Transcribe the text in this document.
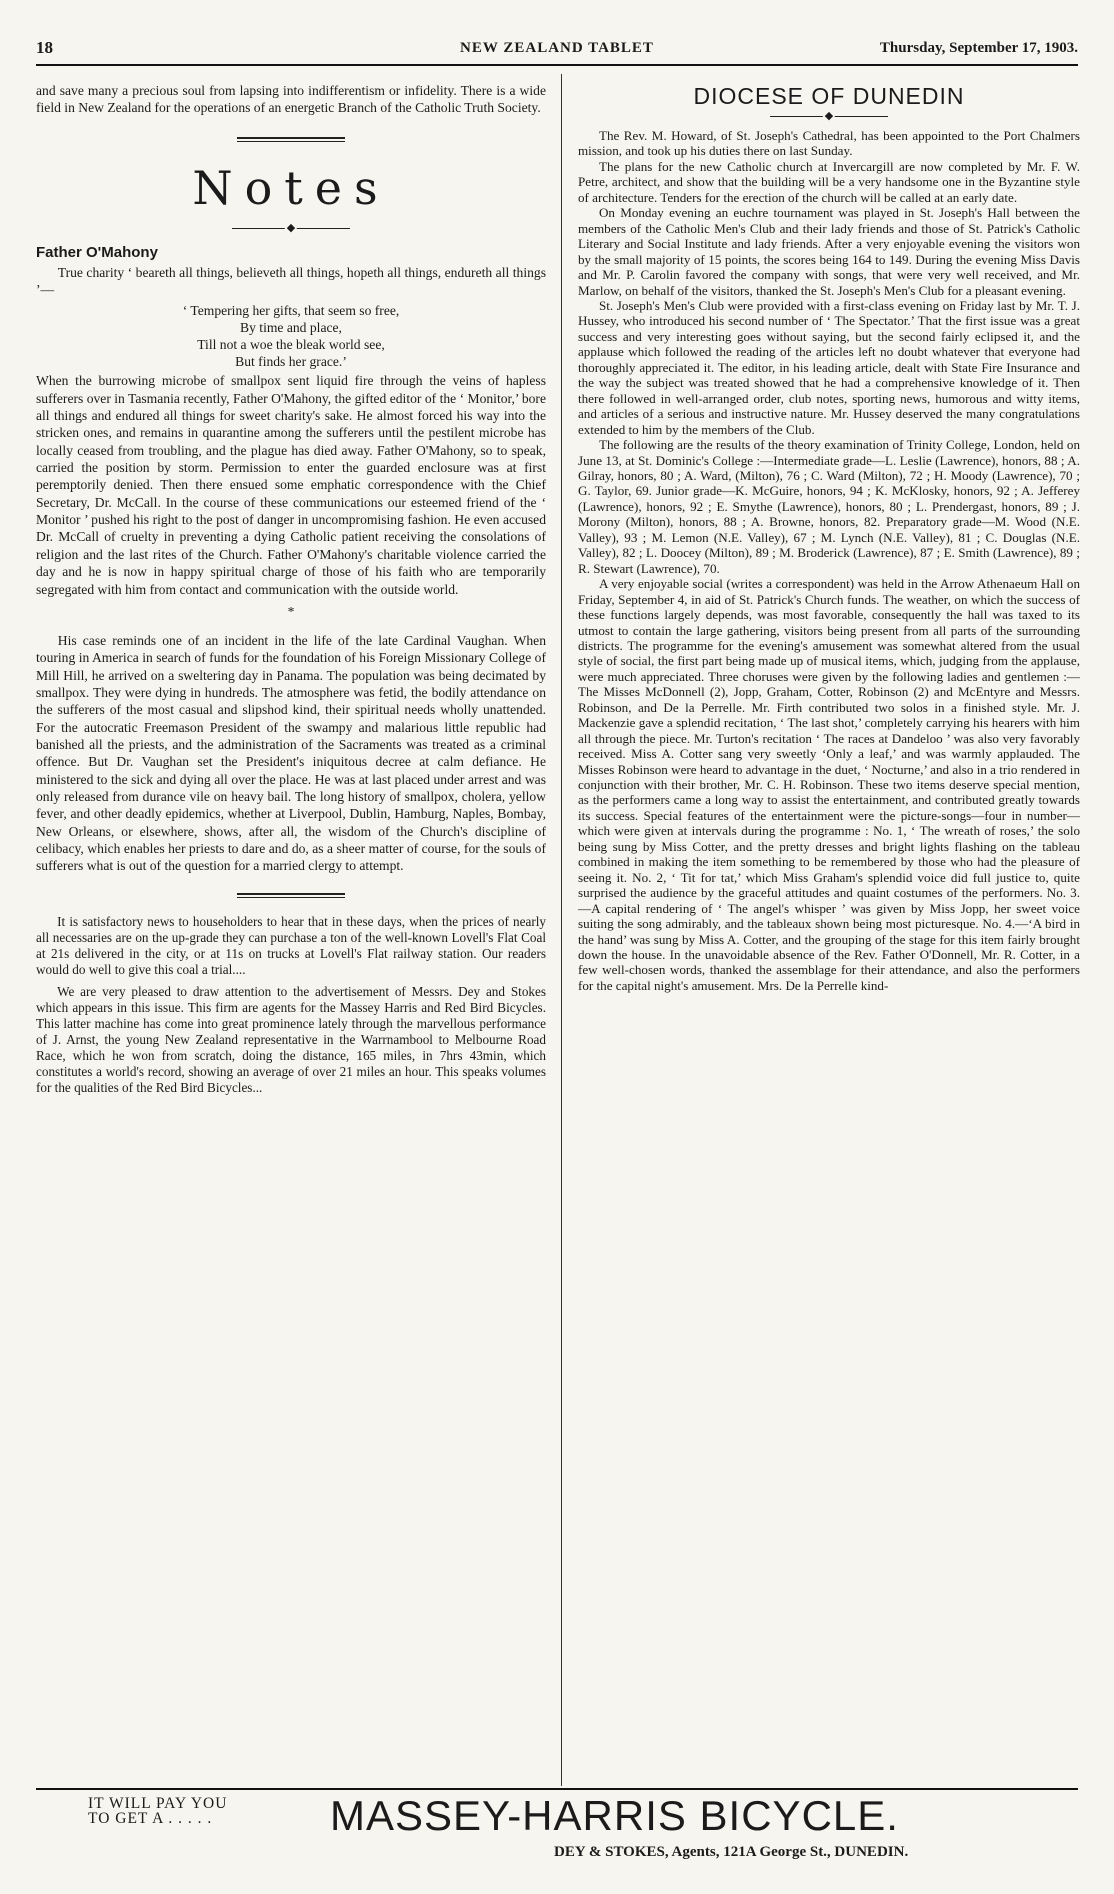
18	NEW ZEALAND TABLET	Thursday, September 17, 1903.

and save many a precious soul from lapsing into indifferentism or infidelity. There is a wide field in New Zealand for the operations of an energetic Branch of the Catholic Truth Society.

Notes
◆
Father O'Mahony

True charity ‘ beareth all things, believeth all things, hopeth all things, endureth all things ’—

‘ Tempering her gifts, that seem so free,
By time and place,
Till not a woe the bleak world see,
But finds her grace.’

When the burrowing microbe of smallpox sent liquid fire through the veins of hapless sufferers over in Tasmania recently, Father O'Mahony, the gifted editor of the ‘ Monitor,’ bore all things and endured all things for sweet charity's sake. He almost forced his way into the stricken ones, and remains in quarantine among the sufferers until the pestilent microbe has locally ceased from troubling, and the plague has died away. Father O'Mahony, so to speak, carried the position by storm. Permission to enter the guarded enclosure was at first peremptorily denied. Then there ensued some emphatic correspondence with the Chief Secretary, Dr. McCall. In the course of these communications our esteemed friend of the ‘ Monitor ’ pushed his right to the post of danger in uncompromising fashion. He even accused Dr. McCall of cruelty in preventing a dying Catholic patient receiving the consolations of religion and the last rites of the Church. Father O'Mahony's charitable violence carried the day and he is now in happy spiritual charge of those of his faith who are temporarily segregated with him from contact and communication with the outside world.

*

His case reminds one of an incident in the life of the late Cardinal Vaughan. When touring in America in search of funds for the foundation of his Foreign Missionary College of Mill Hill, he arrived on a sweltering day in Panama. The population was being decimated by smallpox. They were dying in hundreds. The atmosphere was fetid, the bodily attendance on the sufferers of the most casual and slipshod kind, their spiritual needs wholly unattended. For the autocratic Freemason President of the swampy and malarious little republic had banished all the priests, and the administration of the Sacraments was treated as a criminal offence. But Dr. Vaughan set the President's iniquitous decree at calm defiance. He ministered to the sick and dying all over the place. He was at last placed under arrest and was only released from durance vile on heavy bail. The long history of smallpox, cholera, yellow fever, and other deadly epidemics, whether at Liverpool, Dublin, Hamburg, Naples, Bombay, New Orleans, or elsewhere, shows, after all, the wisdom of the Church's discipline of celibacy, which enables her priests to dare and do, as a sheer matter of course, for the souls of sufferers what is out of the question for a married clergy to attempt.

It is satisfactory news to householders to hear that in these days, when the prices of nearly all necessaries are on the up-grade they can purchase a ton of the well-known Lovell's Flat Coal at 21s delivered in the city, or at 11s on trucks at Lovell's Flat railway station. Our readers would do well to give this coal a trial....

We are very pleased to draw attention to the advertisement of Messrs. Dey and Stokes which appears in this issue. This firm are agents for the Massey Harris and Red Bird Bicycles. This latter machine has come into great prominence lately through the marvellous performance of J. Arnst, the young New Zealand representative in the Warrnambool to Melbourne Road Race, which he won from scratch, doing the distance, 165 miles, in 7hrs 43min, which constitutes a world's record, showing an average of over 21 miles an hour. This speaks volumes for the qualities of the Red Bird Bicycles...

DIOCESE OF DUNEDIN
◆

The Rev. M. Howard, of St. Joseph's Cathedral, has been appointed to the Port Chalmers mission, and took up his duties there on last Sunday.

The plans for the new Catholic church at Invercargill are now completed by Mr. F. W. Petre, architect, and show that the building will be a very handsome one in the Byzantine style of architecture. Tenders for the erection of the church will be called at an early date.

On Monday evening an euchre tournament was played in St. Joseph's Hall between the members of the Catholic Men's Club and their lady friends and those of St. Patrick's Catholic Literary and Social Institute and lady friends. After a very enjoyable evening the visitors won by the small majority of 15 points, the scores being 164 to 149. During the evening Miss Davis and Mr. P. Carolin favored the company with songs, that were very well received, and Mr. Marlow, on behalf of the visitors, thanked the St. Joseph's Men's Club for a pleasant evening.

St. Joseph's Men's Club were provided with a first-class evening on Friday last by Mr. T. J. Hussey, who introduced his second number of ‘ The Spectator.’ That the first issue was a great success and very interesting goes without saying, but the second fairly eclipsed it, and the applause which followed the reading of the articles left no doubt whatever that everyone had thoroughly appreciated it. The editor, in his leading article, dealt with State Fire Insurance and the way the subject was treated showed that he had a comprehensive knowledge of it. Then there followed in well-arranged order, club notes, sporting news, humorous and witty items, and articles of a serious and instructive nature. Mr. Hussey deserved the many congratulations extended to him by the members of the Club.

The following are the results of the theory examination of Trinity College, London, held on June 13, at St. Dominic's College :—Intermediate grade—L. Leslie (Lawrence), honors, 88 ; A. Gilray, honors, 80 ; A. Ward, (Milton), 76 ; C. Ward (Milton), 72 ; H. Moody (Lawrence), 70 ; G. Taylor, 69. Junior grade—K. McGuire, honors, 94 ; K. McKlosky, honors, 92 ; A. Jefferey (Lawrence), honors, 92 ; E. Smythe (Lawrence), honors, 80 ; L. Prendergast, honors, 89 ; J. Morony (Milton), honors, 88 ; A. Browne, honors, 82. Preparatory grade—M. Wood (N.E. Valley), 93 ; M. Lemon (N.E. Valley), 67 ; M. Lynch (N.E. Valley), 81 ; C. Douglas (N.E. Valley), 82 ; L. Doocey (Milton), 89 ; M. Broderick (Lawrence), 87 ; E. Smith (Lawrence), 89 ; R. Stewart (Lawrence), 70.

A very enjoyable social (writes a correspondent) was held in the Arrow Athenaeum Hall on Friday, September 4, in aid of St. Patrick's Church funds. The weather, on which the success of these functions largely depends, was most favorable, consequently the hall was taxed to its utmost to contain the large gathering, visitors being present from all parts of the surrounding districts. The programme for the evening's amusement was somewhat altered from the usual style of social, the first part being made up of musical items, which, judging from the applause, were much appreciated. Three choruses were given by the following ladies and gentlemen :—The Misses McDonnell (2), Jopp, Graham, Cotter, Robinson (2) and McEntyre and Messrs. Robinson, and De la Perrelle. Mr. Firth contributed two solos in a finished style. Mr. J. Mackenzie gave a splendid recitation, ‘ The last shot,’ completely carrying his hearers with him all through the piece. Mr. Turton's recitation ‘ The races at Dandeloo ’ was also very favorably received. Miss A. Cotter sang very sweetly ‘Only a leaf,’ and was warmly applauded. The Misses Robinson were heard to advantage in the duet, ‘ Nocturne,’ and also in a trio rendered in conjunction with their brother, Mr. C. H. Robinson. These two items deserve special mention, as the performers came a long way to assist the entertainment, and contributed greatly towards its success. Special features of the entertainment were the picture-songs—four in number—which were given at intervals during the programme : No. 1, ‘ The wreath of roses,’ the solo being sung by Miss Cotter, and the pretty dresses and bright lights flashing on the tableau combined in making the item something to be remembered by those who had the pleasure of seeing it. No. 2, ‘ Tit for tat,’ which Miss Graham's splendid voice did full justice to, quite surprised the audience by the graceful attitudes and quaint costumes of the performers. No. 3.—A capital rendering of ‘ The angel's whisper ’ was given by Miss Jopp, her sweet voice suiting the song admirably, and the tableaux shown being most picturesque. No. 4.—‘A bird in the hand’ was sung by Miss A. Cotter, and the grouping of the stage for this item fairly brought down the house. In the unavoidable absence of the Rev. Father O'Donnell, Mr. R. Cotter, in a few well-chosen words, thanked the assemblage for their attendance, and also the performers for the capital night's amusement. Mrs. De la Perrelle kind-

IT WILL PAY YOU
TO GET A . . . . .	MASSEY-HARRIS BICYCLE.
DEY & STOKES, Agents, 121A George St., DUNEDIN.
